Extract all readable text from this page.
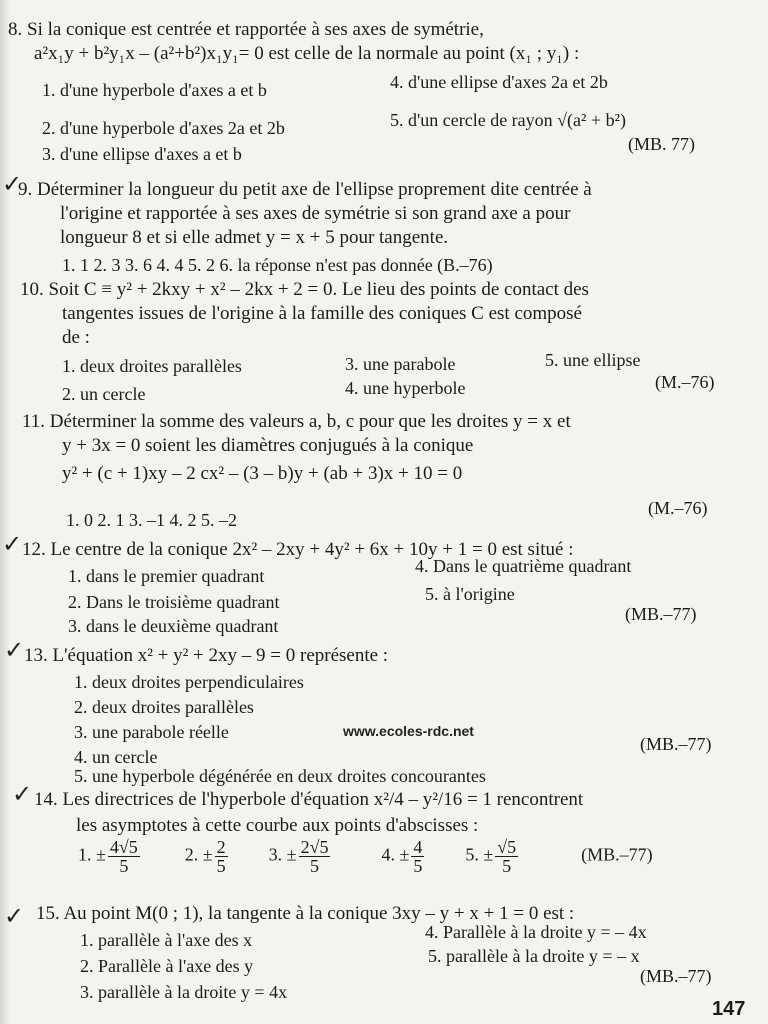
8. Si la conique est centrée et rapportée à ses axes de symétrie,
a²x₁y + b²y₁x – (a²+b²)x₁y₁= 0 est celle de la normale au point (x₁ ; y₁) :
1. d'une hyperbole d'axes a et b	4. d'une ellipse d'axes 2a et 2b
2. d'une hyperbole d'axes 2a et 2b	5. d'un cercle de rayon √(a² + b²)
3. d'une ellipse d'axes a et b	(MB. 77)
✓
9. Déterminer la longueur du petit axe de l'ellipse proprement dite centrée à
l'origine et rapportée à ses axes de symétrie si son grand axe a pour
longueur 8 et si elle admet y = x + 5 pour tangente.
1. 1 2. 3 3. 6 4. 4 5. 2 6. la réponse n'est pas donnée (B.–76)
10. Soit C ≡ y² + 2kxy + x² – 2kx + 2 = 0. Le lieu des points de contact des
tangentes issues de l'origine à la famille des coniques C est composé
de :
1. deux droites parallèles	3. une parabole	5. une ellipse
2. un cercle	4. une hyperbole	(M.–76)
11. Déterminer la somme des valeurs a, b, c pour que les droites y = x et
y + 3x = 0 soient les diamètres conjugués à la conique
y² + (c + 1)xy – 2 cx² – (3 – b)y + (ab + 3)x + 10 = 0
1. 0 2. 1 3. –1 4. 2 5. –2
(M.–76)
✓ 12. Le centre de la conique 2x² – 2xy + 4y² + 6x + 10y + 1 = 0 est situé :
1. dans le premier quadrant	4. Dans le quatrième quadrant
2. Dans le troisième quadrant	5. à l'origine
3. dans le deuxième quadrant
(MB.–77)
✓ 13. L'équation x² + y² + 2xy – 9 = 0 représente :
1. deux droites perpendiculaires
2. deux droites parallèles
3. une parabole réelle	www.ecoles-rdc.net
4. un cercle
(MB.–77)
5. une hyperbole dégénérée en deux droites concourantes
✓ 14. Les directrices de l'hyperbole d'équation x²/4 – y²/16 = 1 rencontrent
les asymptotes à cette courbe aux points d'abscisses :
1. ± $\frac{4√5}{5}$	2. ± $\frac{2}{5} 3$. ± $\frac{2√5}{5}$	4. ± $\frac{4}{5} 5$. ± $\frac{√5}{5}$	(MB.–77)
✓ 15. Au point M(0 ; 1), la tangente à la conique 3xy – y + x + 1 = 0 est :
1. parallèle à l'axe des x	4. Parallèle à la droite y = – 4x
2. Parallèle à l'axe des y	5. parallèle à la droite y = – x
(MB.–77)
3. parallèle à la droite y = 4x
147
